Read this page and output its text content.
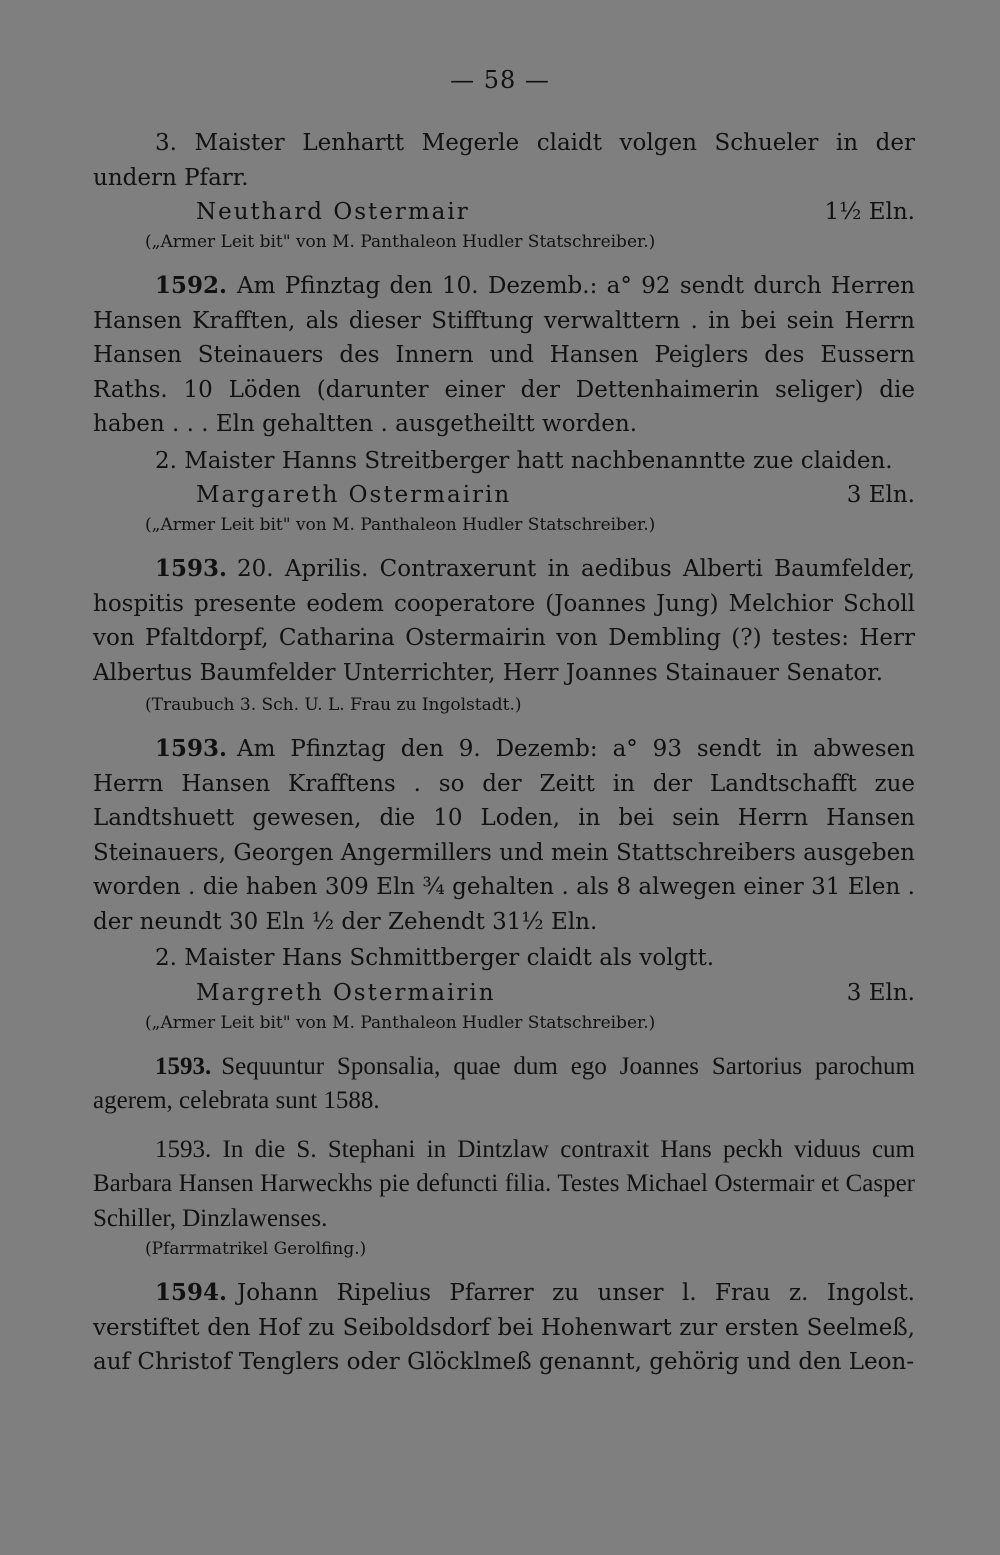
— 58 —

3. Maister Lenhartt Megerle claidt volgen Schueler in der undern Pfarr.

Neuthard Ostermair	1½ Eln.

(„Armer Leit bit" von M. Panthaleon Hudler Statschreiber.)

1592. Am Pfinztag den 10. Dezemb.: a° 92 sendt durch Herren Hansen Krafften, als dieser Stifftung verwalttern . in bei sein Herrn Hansen Steinauers des Innern und Hansen Peiglers des Eussern Raths. 10 Löden (darunter einer der Dettenhaimerin seliger) die haben . . . Eln gehaltten . ausgetheiltt worden.

2. Maister Hanns Streitberger hatt nachbenanntte zue claiden.

Margareth Ostermairin	3 Eln.

(„Armer Leit bit" von M. Panthaleon Hudler Statschreiber.)

1593. 20. Aprilis. Contraxerunt in aedibus Alberti Baumfelder, hospitis presente eodem cooperatore (Joannes Jung) Melchior Scholl von Pfaltdorpf, Catharina Ostermairin von Dembling (?) testes: Herr Albertus Baumfelder Unterrichter, Herr Joannes Stainauer Senator.

(Traubuch 3. Sch. U. L. Frau zu Ingolstadt.)

1593. Am Pfinztag den 9. Dezemb: a° 93 sendt in abwesen Herrn Hansen Krafftens . so der Zeitt in der Landtschafft zue Landtshuett gewesen, die 10 Loden, in bei sein Herrn Hansen Steinauers, Georgen Angermillers und mein Stattschreibers ausgeben worden . die haben 309 Eln ¾ gehalten . als 8 alwegen einer 31 Elen . der neundt 30 Eln ½ der Zehendt 31½ Eln.

2. Maister Hans Schmittberger claidt als volgtt.

Margreth Ostermairin	3 Eln.

(„Armer Leit bit" von M. Panthaleon Hudler Statschreiber.)

1593. Sequuntur Sponsalia, quae dum ego Joannes Sartorius parochum agerem, celebrata sunt 1588.

1593. In die S. Stephani in Dintzlaw contraxit Hans peckh viduus cum Barbara Hansen Harweckhs pie defuncti filia. Testes Michael Ostermair et Casper Schiller, Dinzlawenses.

(Pfarrmatrikel Gerolfing.)

1594. Johann Ripelius Pfarrer zu unser l. Frau z. Ingolst. verstiftet den Hof zu Seiboldsdorf bei Hohenwart zur ersten Seelmeß, auf Christof Tenglers oder Glöcklmeß genannt, gehörig und den Leon-
